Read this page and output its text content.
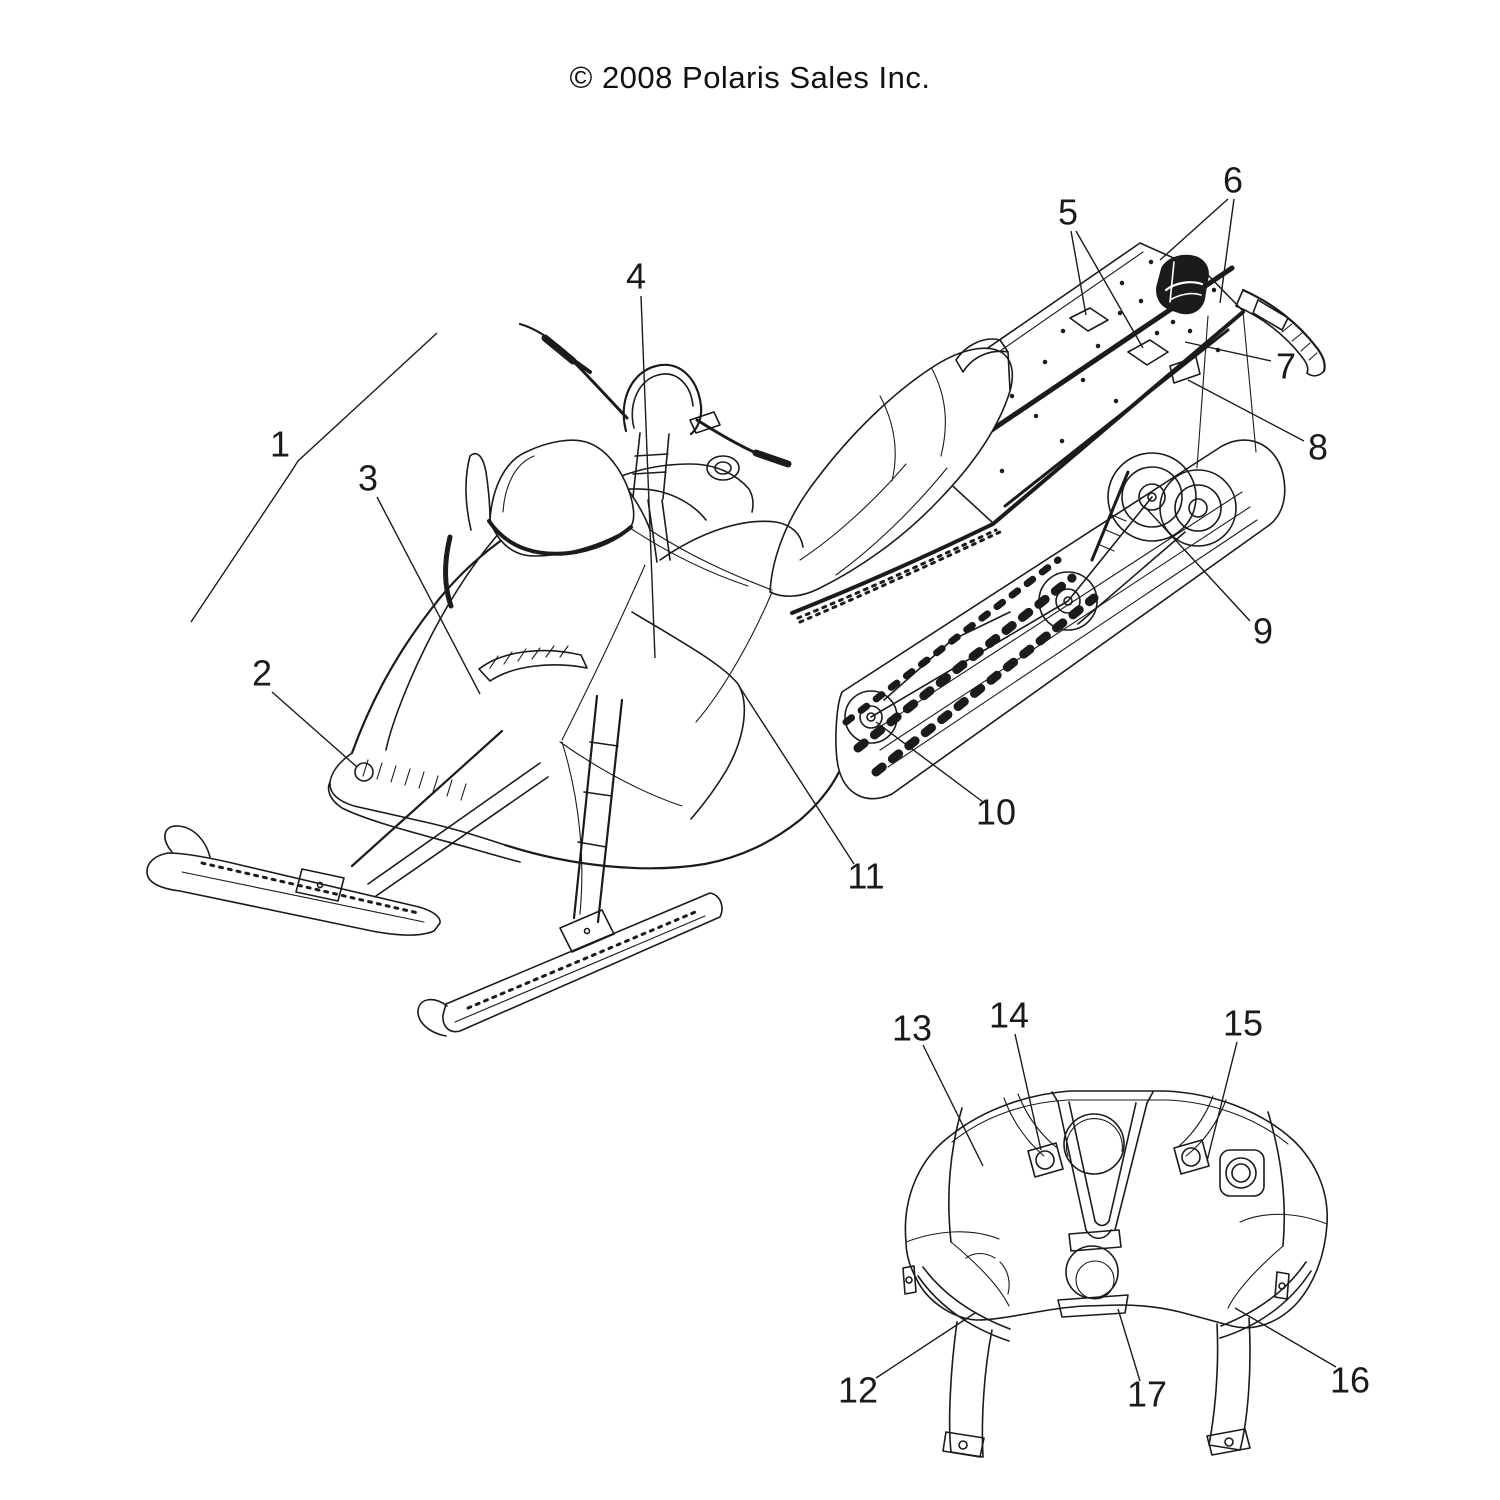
© 2008 Polaris Sales Inc.
1
2
3
4
5
6
7
8
9
10
11
12
13 14	15
16
17
